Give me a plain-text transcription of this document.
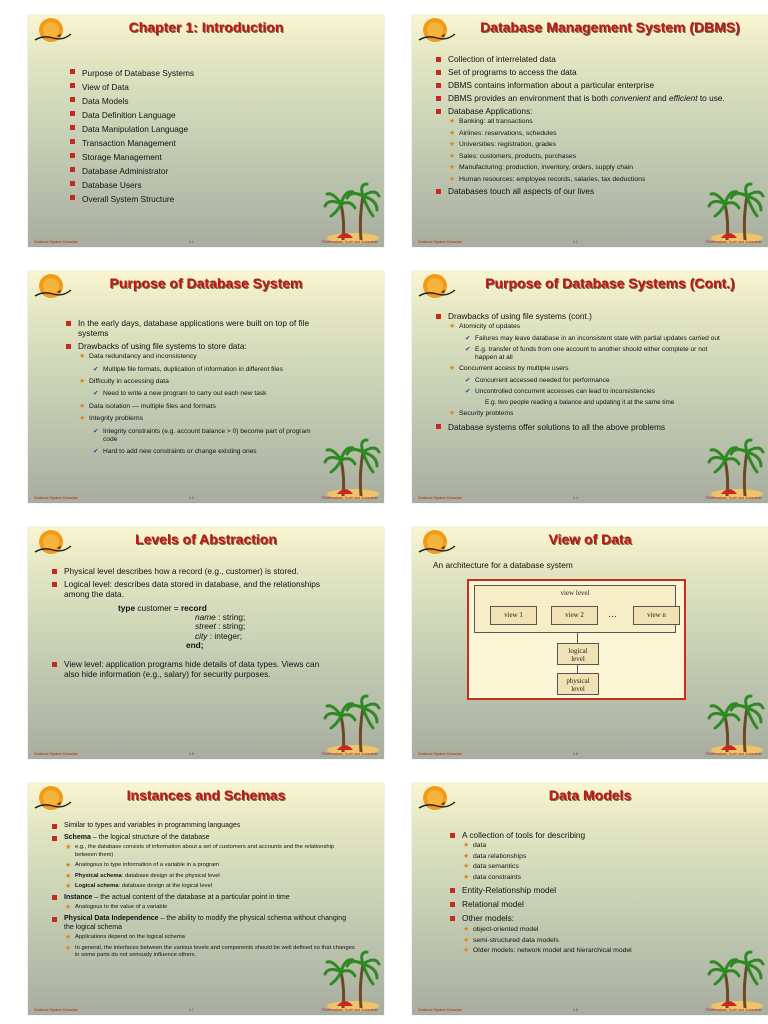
Chapter 1: Introduction
Purpose of Database Systems
View of Data
Data Models
Data Definition Language
Data Manipulation Language
Transaction Management
Storage Management
Database Administrator
Database Users
Overall System Structure
Database System Concepts	1.1	©Silberschatz, Korth and Sudarshan
Database Management System (DBMS)
Collection of interrelated data
Set of programs to access the data
DBMS contains information about a particular enterprise
DBMS provides an environment that is both convenient and efficient to use.
Database Applications:
★ Banking: all transactions
★ Airlines: reservations, schedules
★ Universities: registration, grades
★ Sales: customers, products, purchases
★ Manufacturing: production, inventory, orders, supply chain
★ Human resources: employee records, salaries, tax deductions
Databases touch all aspects of our lives
Database System Concepts	1.2	©Silberschatz, Korth and Sudarshan
Purpose of Database System
In the early days, database applications were built on top of file systems
Drawbacks of using file systems to store data:
★ Data redundancy and inconsistency
✔ Multiple file formats, duplication of information in different files
★ Difficulty in accessing data
✔ Need to write a new program to carry out each new task
★ Data isolation — multiple files and formats
★ Integrity problems
✔ Integrity constraints (e.g. account balance > 0) become part of program code
✔ Hard to add new constraints or change existing ones
Database System Concepts	1.3	©Silberschatz, Korth and Sudarshan
Purpose of Database Systems (Cont.)
Drawbacks of using file systems (cont.)
★ Atomicity of updates
✔ Failures may leave database in an inconsistent state with partial updates carried out
✔ E.g. transfer of funds from one account to another should either complete or not happen at all
★ Concurrent access by multiple users
✔ Concurrent accessed needed for performance
✔ Uncontrolled concurrent accesses can lead to inconsistencies
E.g. two people reading a balance and updating it at the same time
★ Security problems
Database systems offer solutions to all the above problems
Database System Concepts	1.4	©Silberschatz, Korth and Sudarshan
Levels of Abstraction
Physical level describes how a record (e.g., customer) is stored.
Logical level: describes data stored in database, and the relationships among the data.
type customer = record
name : string;
street : string;
city : integer;
end;
View level: application programs hide details of data types. Views can also hide information (e.g., salary) for security purposes.
Database System Concepts	1.5	©Silberschatz, Korth and Sudarshan
View of Data
An architecture for a database system
view level
view 1	view 2	…	view n
logical level
physical level
Database System Concepts	1.6	©Silberschatz, Korth and Sudarshan
Instances and Schemas
Similar to types and variables in programming languages
Schema – the logical structure of the database
★ e.g., the database consists of information about a set of customers and accounts and the relationship between them)
★ Analogous to type information of a variable in a program
★ Physical schema: database design at the physical level
★ Logical schema: database design at the logical level
Instance – the actual content of the database at a particular point in time
★ Analogous to the value of a variable
Physical Data Independence – the ability to modify the physical schema without changing the logical schema
★ Applications depend on the logical schema
★ In general, the interfaces between the various levels and components should be well defined so that changes in some parts do not seriously influence others.
Database System Concepts	1.7	©Silberschatz, Korth and Sudarshan
Data Models
A collection of tools for describing
★ data
★ data relationships
★ data semantics
★ data constraints
Entity-Relationship model
Relational model
Other models:
★ object-oriented model
★ semi-structured data models
★ Older models: network model and hierarchical model
Database System Concepts	1.8	©Silberschatz, Korth and Sudarshan
